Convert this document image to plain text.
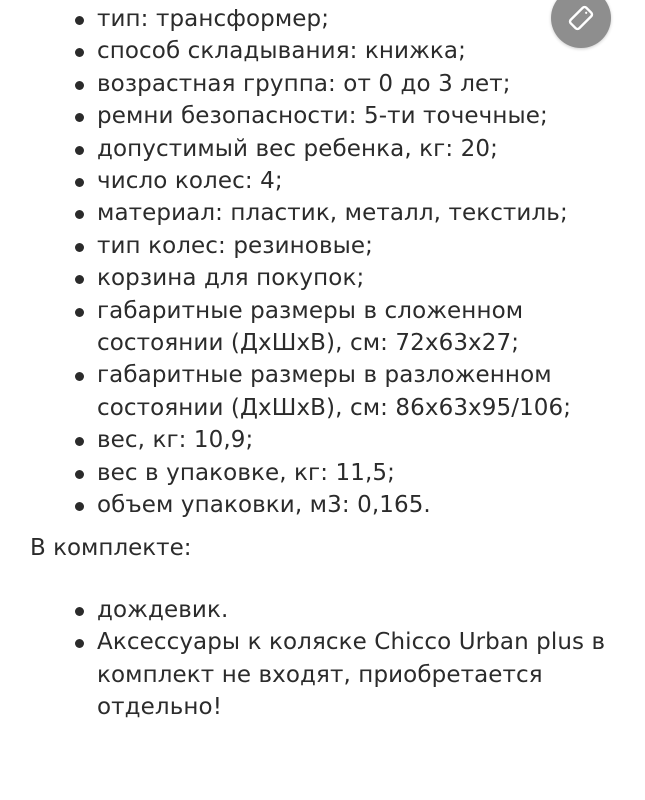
тип: трансформер;
способ складывания: книжка;
возрастная группа: от 0 до 3 лет;
ремни безопасности: 5-ти точечные;
допустимый вес ребенка, кг: 20;
число колес: 4;
материал: пластик, металл, текстиль;
тип колес: резиновые;
корзина для покупок;
габаритные размеры в сложенном состоянии (ДхШхВ), см: 72х63х27;
габаритные размеры в разложенном состоянии (ДхШхВ), см: 86х63х95/106;
вес, кг: 10,9;
вес в упаковке, кг: 11,5;
объем упаковки, м3: 0,165.
В комплекте:
дождевик.
Аксессуары к коляске Chicco Urban plus в комплект не входят, приобретается отдельно!
